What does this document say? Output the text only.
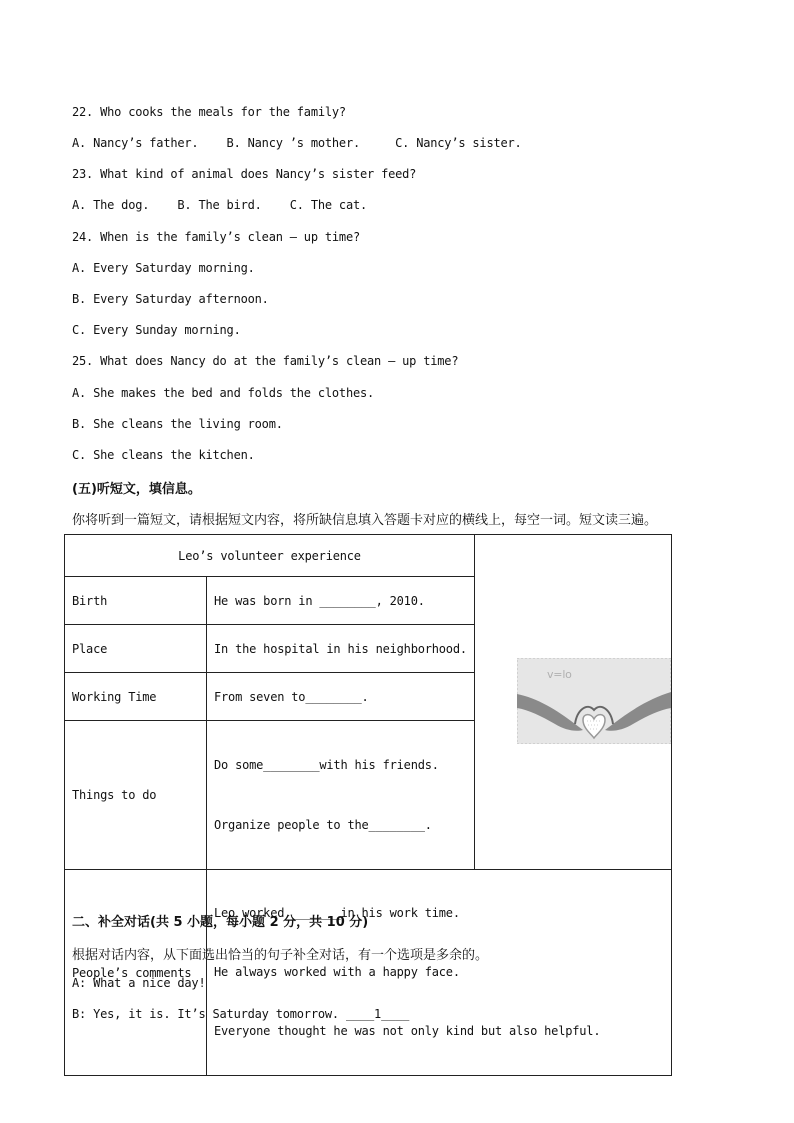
22. Who cooks the meals for the family?
A. Nancy’s father.    B. Nancy ’s mother.     C. Nancy’s sister.
23. What kind of animal does Nancy’s sister feed?
A. The dog.    B. The bird.    C. The cat.
24. When is the family’s clean – up time?
A. Every Saturday morning.
B. Every Saturday afternoon.
C. Every Sunday morning.
25. What does Nancy do at the family’s clean – up time?
A. She makes the bed and folds the clothes.
B. She cleans the living room.
C. She cleans the kitchen.
(五)听短文，填信息。
你将听到一篇短文，请根据短文内容，将所缺信息填入答题卡对应的横线上，每空一词。短文读三遍。
Leo’s volunteer experience		v=lo

Birth	He was born in ________, 2010.	
Place	In the hospital in his neighborhood.	
Working Time	From seven to________.	
Things to do	Do some________with his friends.

Organize people to the________.	

People’s comments	Leo worked________in his work time.

He always worked with a happy face.

Everyone thought he was not only kind but also helpful.	

二、补全对话(共 5 小题，每小题 2 分，共 10 分)
根据对话内容，从下面选出恰当的句子补全对话，有一个选项是多余的。
A: What a nice day!
B: Yes, it is. It’s Saturday tomorrow. ____1____
